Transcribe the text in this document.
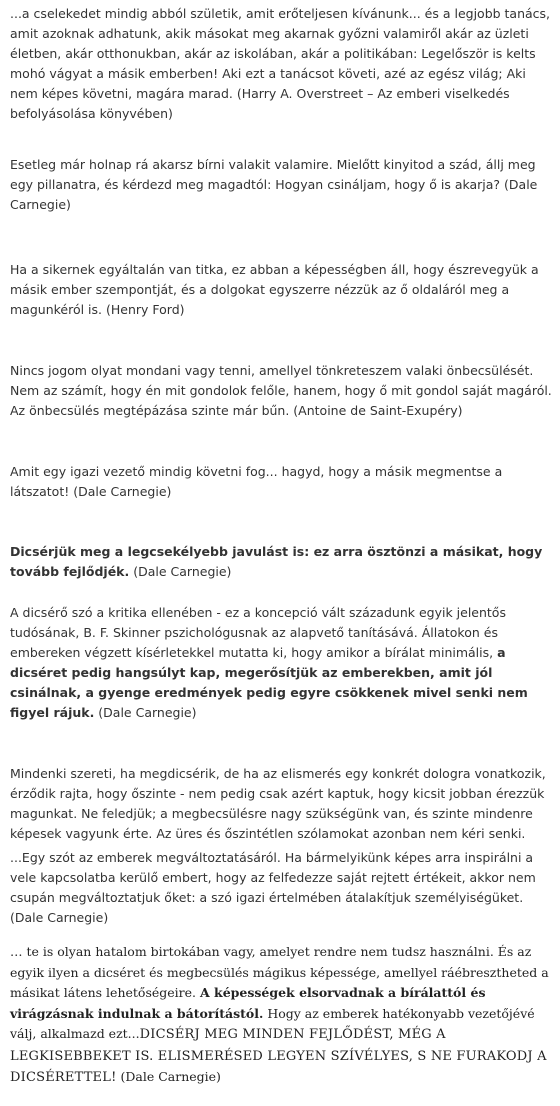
...a cselekedet mindig abból születik, amit erőteljesen kívánunk... és a legjobb tanács, amit azoknak adhatunk, akik másokat meg akarnak győzni valamiről akár az üzleti életben, akár otthonukban, akár az iskolában, akár a politikában: Legelőször is kelts mohó vágyat a másik emberben! Aki ezt a tanácsot követi, azé az egész világ; Aki nem képes követni, magára marad. (Harry A. Overstreet – Az emberi viselkedés befolyásolása könyvében)

Esetleg már holnap rá akarsz bírni valakit valamire. Mielőtt kinyitod a szád, állj meg egy pillanatra, és kérdezd meg magadtól: Hogyan csináljam, hogy ő is akarja? (Dale Carnegie)

Ha a sikernek egyáltalán van titka, ez abban a képességben áll, hogy észrevegyük a másik ember szempontját, és a dolgokat egyszerre nézzük az ő oldaláról meg a magunkéról is. (Henry Ford)

Nincs jogom olyat mondani vagy tenni, amellyel tönkreteszem valaki önbecsülését. Nem az számít, hogy én mit gondolok felőle, hanem, hogy ő mit gondol saját magáról. Az önbecsülés megtépázása szinte már bűn. (Antoine de Saint-Exupéry)

Amit egy igazi vezető mindig követni fog... hagyd, hogy a másik megmentse a látszatot! (Dale Carnegie)

Dicsérjük meg a legcsekélyebb javulást is: ez arra ösztönzi a másikat, hogy tovább fejlődjék. (Dale Carnegie)

A dicsérő szó a kritika ellenében - ez a koncepció vált századunk egyik jelentős tudósának, B. F. Skinner pszichológusnak az alapvető tanításává. Állatokon és embereken végzett kísérletekkel mutatta ki, hogy amikor a bírálat minimális, a dicséret pedig hangsúlyt kap, megerősítjük az emberekben, amit jól csinálnak, a gyenge eredmények pedig egyre csökkenek mivel senki nem figyel rájuk. (Dale Carnegie)

Mindenki szereti, ha megdicsérik, de ha az elismerés egy konkrét dologra vonatkozik, érződik rajta, hogy őszinte - nem pedig csak azért kaptuk, hogy kicsit jobban érezzük magunkat. Ne feledjük; a megbecsülésre nagy szükségünk van, és szinte mindenre képesek vagyunk érte. Az üres és őszintétlen szólamokat azonban nem kéri senki.

...Egy szót az emberek megváltoztatásáról. Ha bármelyikünk képes arra inspirálni a vele kapcsolatba kerülő embert, hogy az felfedezze saját rejtett értékeit, akkor nem csupán megváltoztatjuk őket: a szó igazi értelmében átalakítjuk személyiségüket. (Dale Carnegie)

… te is olyan hatalom birtokában vagy, amelyet rendre nem tudsz használni. És az egyik ilyen a dicséret és megbecsülés mágikus képessége, amellyel ráébresztheted a másikat látens lehetőségeire. A képességek elsorvadnak a bírálattól és virágzásnak indulnak a bátorítástól. Hogy az emberek hatékonyabb vezetőjévé válj, alkalmazd ezt...DICSÉRJ MEG MINDEN FEJLŐDÉST, MÉG A LEGKISEBBEKET IS. ELISMERÉSED LEGYEN SZÍVÉLYES, S NE FURAKODJ A DICSÉRETTEL! (Dale Carnegie)
